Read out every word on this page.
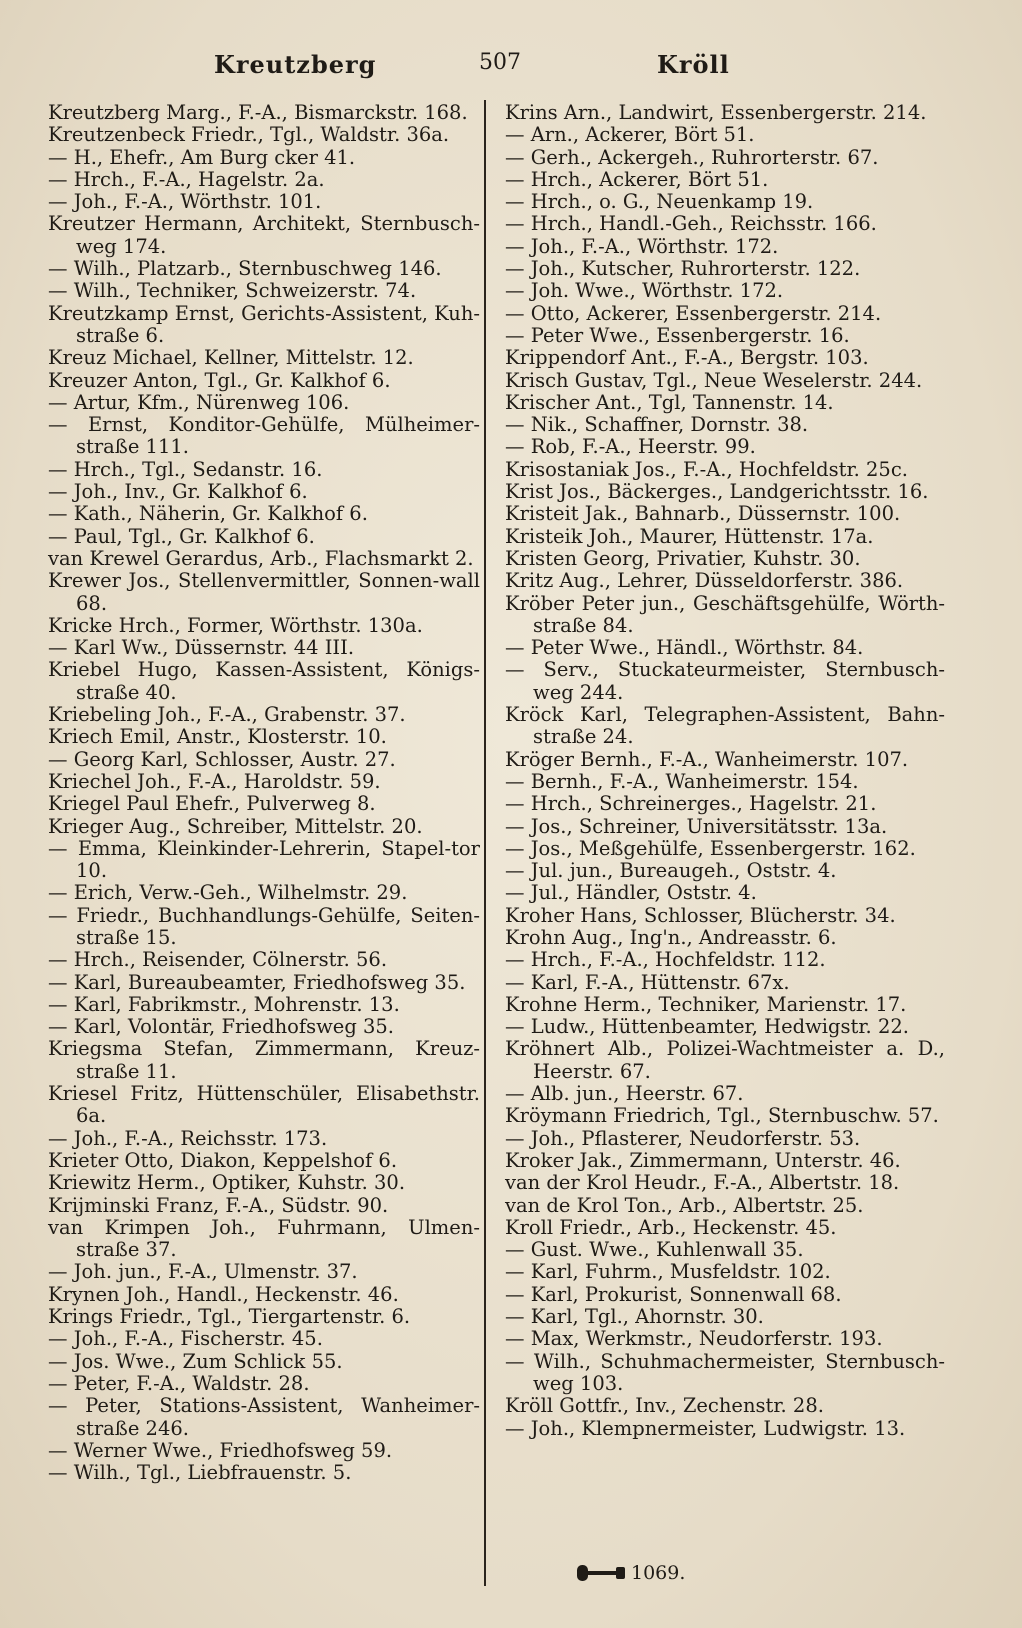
Kreutzberg	507	Kröll

Kreutzberg Marg., F.-A., Bismarckstr. 168.

Kreutzenbeck Friedr., Tgl., Waldstr. 36a.

— H., Ehefr., Am Burg cker 41.

— Hrch., F.-A., Hagelstr. 2a.

— Joh., F.-A., Wörthstr. 101.

Kreutzer Hermann, Architekt, Sternbusch-weg 174.

— Wilh., Platzarb., Sternbuschweg 146.

— Wilh., Techniker, Schweizerstr. 74.

Kreutzkamp Ernst, Gerichts-Assistent, Kuh-straße 6.

Kreuz Michael, Kellner, Mittelstr. 12.

Kreuzer Anton, Tgl., Gr. Kalkhof 6.

— Artur, Kfm., Nürenweg 106.

— Ernst, Konditor-Gehülfe, Mülheimer-straße 111.

— Hrch., Tgl., Sedanstr. 16.

— Joh., Inv., Gr. Kalkhof 6.

— Kath., Näherin, Gr. Kalkhof 6.

— Paul, Tgl., Gr. Kalkhof 6.

van Krewel Gerardus, Arb., Flachsmarkt 2.

Krewer Jos., Stellenvermittler, Sonnen-wall 68.

Kricke Hrch., Former, Wörthstr. 130a.

— Karl Ww., Düssernstr. 44 III.

Kriebel Hugo, Kassen-Assistent, Königs-straße 40.

Kriebeling Joh., F.-A., Grabenstr. 37.

Kriech Emil, Anstr., Klosterstr. 10.

— Georg Karl, Schlosser, Austr. 27.

Kriechel Joh., F.-A., Haroldstr. 59.

Kriegel Paul Ehefr., Pulverweg 8.

Krieger Aug., Schreiber, Mittelstr. 20.

— Emma, Kleinkinder-Lehrerin, Stapel-tor 10.

— Erich, Verw.-Geh., Wilhelmstr. 29.

— Friedr., Buchhandlungs-Gehülfe, Seiten-straße 15.

— Hrch., Reisender, Cölnerstr. 56.

— Karl, Bureaubeamter, Friedhofsweg 35.

— Karl, Fabrikmstr., Mohrenstr. 13.

— Karl, Volontär, Friedhofsweg 35.

Kriegsma Stefan, Zimmermann, Kreuz-straße 11.

Kriesel Fritz, Hüttenschüler, Elisabethstr. 6a.

— Joh., F.-A., Reichsstr. 173.

Krieter Otto, Diakon, Keppelshof 6.

Kriewitz Herm., Optiker, Kuhstr. 30.

Krijminski Franz, F.-A., Südstr. 90.

van Krimpen Joh., Fuhrmann, Ulmen-straße 37.

— Joh. jun., F.-A., Ulmenstr. 37.

Krynen Joh., Handl., Heckenstr. 46.

Krings Friedr., Tgl., Tiergartenstr. 6.

— Joh., F.-A., Fischerstr. 45.

— Jos. Wwe., Zum Schlick 55.

— Peter, F.-A., Waldstr. 28.

— Peter, Stations-Assistent, Wanheimer-straße 246.

— Werner Wwe., Friedhofsweg 59.

— Wilh., Tgl., Liebfrauenstr. 5.

Krins Arn., Landwirt, Essenbergerstr. 214.

— Arn., Ackerer, Bört 51.

— Gerh., Ackergeh., Ruhrorterstr. 67.

— Hrch., Ackerer, Bört 51.

— Hrch., o. G., Neuenkamp 19.

— Hrch., Handl.-Geh., Reichsstr. 166.

— Joh., F.-A., Wörthstr. 172.

— Joh., Kutscher, Ruhrorterstr. 122.

— Joh. Wwe., Wörthstr. 172.

— Otto, Ackerer, Essenbergerstr. 214.

— Peter Wwe., Essenbergerstr. 16.

Krippendorf Ant., F.-A., Bergstr. 103.

Krisch Gustav, Tgl., Neue Weselerstr. 244.

Krischer Ant., Tgl, Tannenstr. 14.

— Nik., Schaffner, Dornstr. 38.

— Rob, F.-A., Heerstr. 99.

Krisostaniak Jos., F.-A., Hochfeldstr. 25c.

Krist Jos., Bäckerges., Landgerichtsstr. 16.

Kristeit Jak., Bahnarb., Düssernstr. 100.

Kristeik Joh., Maurer, Hüttenstr. 17a.

Kristen Georg, Privatier, Kuhstr. 30.

Kritz Aug., Lehrer, Düsseldorferstr. 386.

Kröber Peter jun., Geschäftsgehülfe, Wörth-straße 84.

— Peter Wwe., Händl., Wörthstr. 84.

— Serv., Stuckateurmeister, Sternbusch-weg 244.

Kröck Karl, Telegraphen-Assistent, Bahn-straße 24.

Kröger Bernh., F.-A., Wanheimerstr. 107.

— Bernh., F.-A., Wanheimerstr. 154.

— Hrch., Schreinerges., Hagelstr. 21.

— Jos., Schreiner, Universitätsstr. 13a.

— Jos., Meßgehülfe, Essenbergerstr. 162.

— Jul. jun., Bureaugeh., Oststr. 4.

— Jul., Händler, Oststr. 4.

Kroher Hans, Schlosser, Blücherstr. 34.

Krohn Aug., Ing'n., Andreasstr. 6.

— Hrch., F.-A., Hochfeldstr. 112.

— Karl, F.-A., Hüttenstr. 67x.

Krohne Herm., Techniker, Marienstr. 17.

— Ludw., Hüttenbeamter, Hedwigstr. 22.

Kröhnert Alb., Polizei-Wachtmeister a. D., Heerstr. 67.

— Alb. jun., Heerstr. 67.

Kröymann Friedrich, Tgl., Sternbuschw. 57.

— Joh., Pflasterer, Neudorferstr. 53.

Kroker Jak., Zimmermann, Unterstr. 46.

van der Krol Heudr., F.-A., Albertstr. 18.

van de Krol Ton., Arb., Albertstr. 25.

Kroll Friedr., Arb., Heckenstr. 45.

— Gust. Wwe., Kuhlenwall 35.

— Karl, Fuhrm., Musfeldstr. 102.

— Karl, Prokurist, Sonnenwall 68.

— Karl, Tgl., Ahornstr. 30.

— Max, Werkmstr., Neudorferstr. 193.

— Wilh., Schuhmachermeister, Sternbusch-weg 103.

Kröll Gottfr., Inv., Zechenstr. 28.

— Joh., Klempnermeister, Ludwigstr. 13.

1069.
